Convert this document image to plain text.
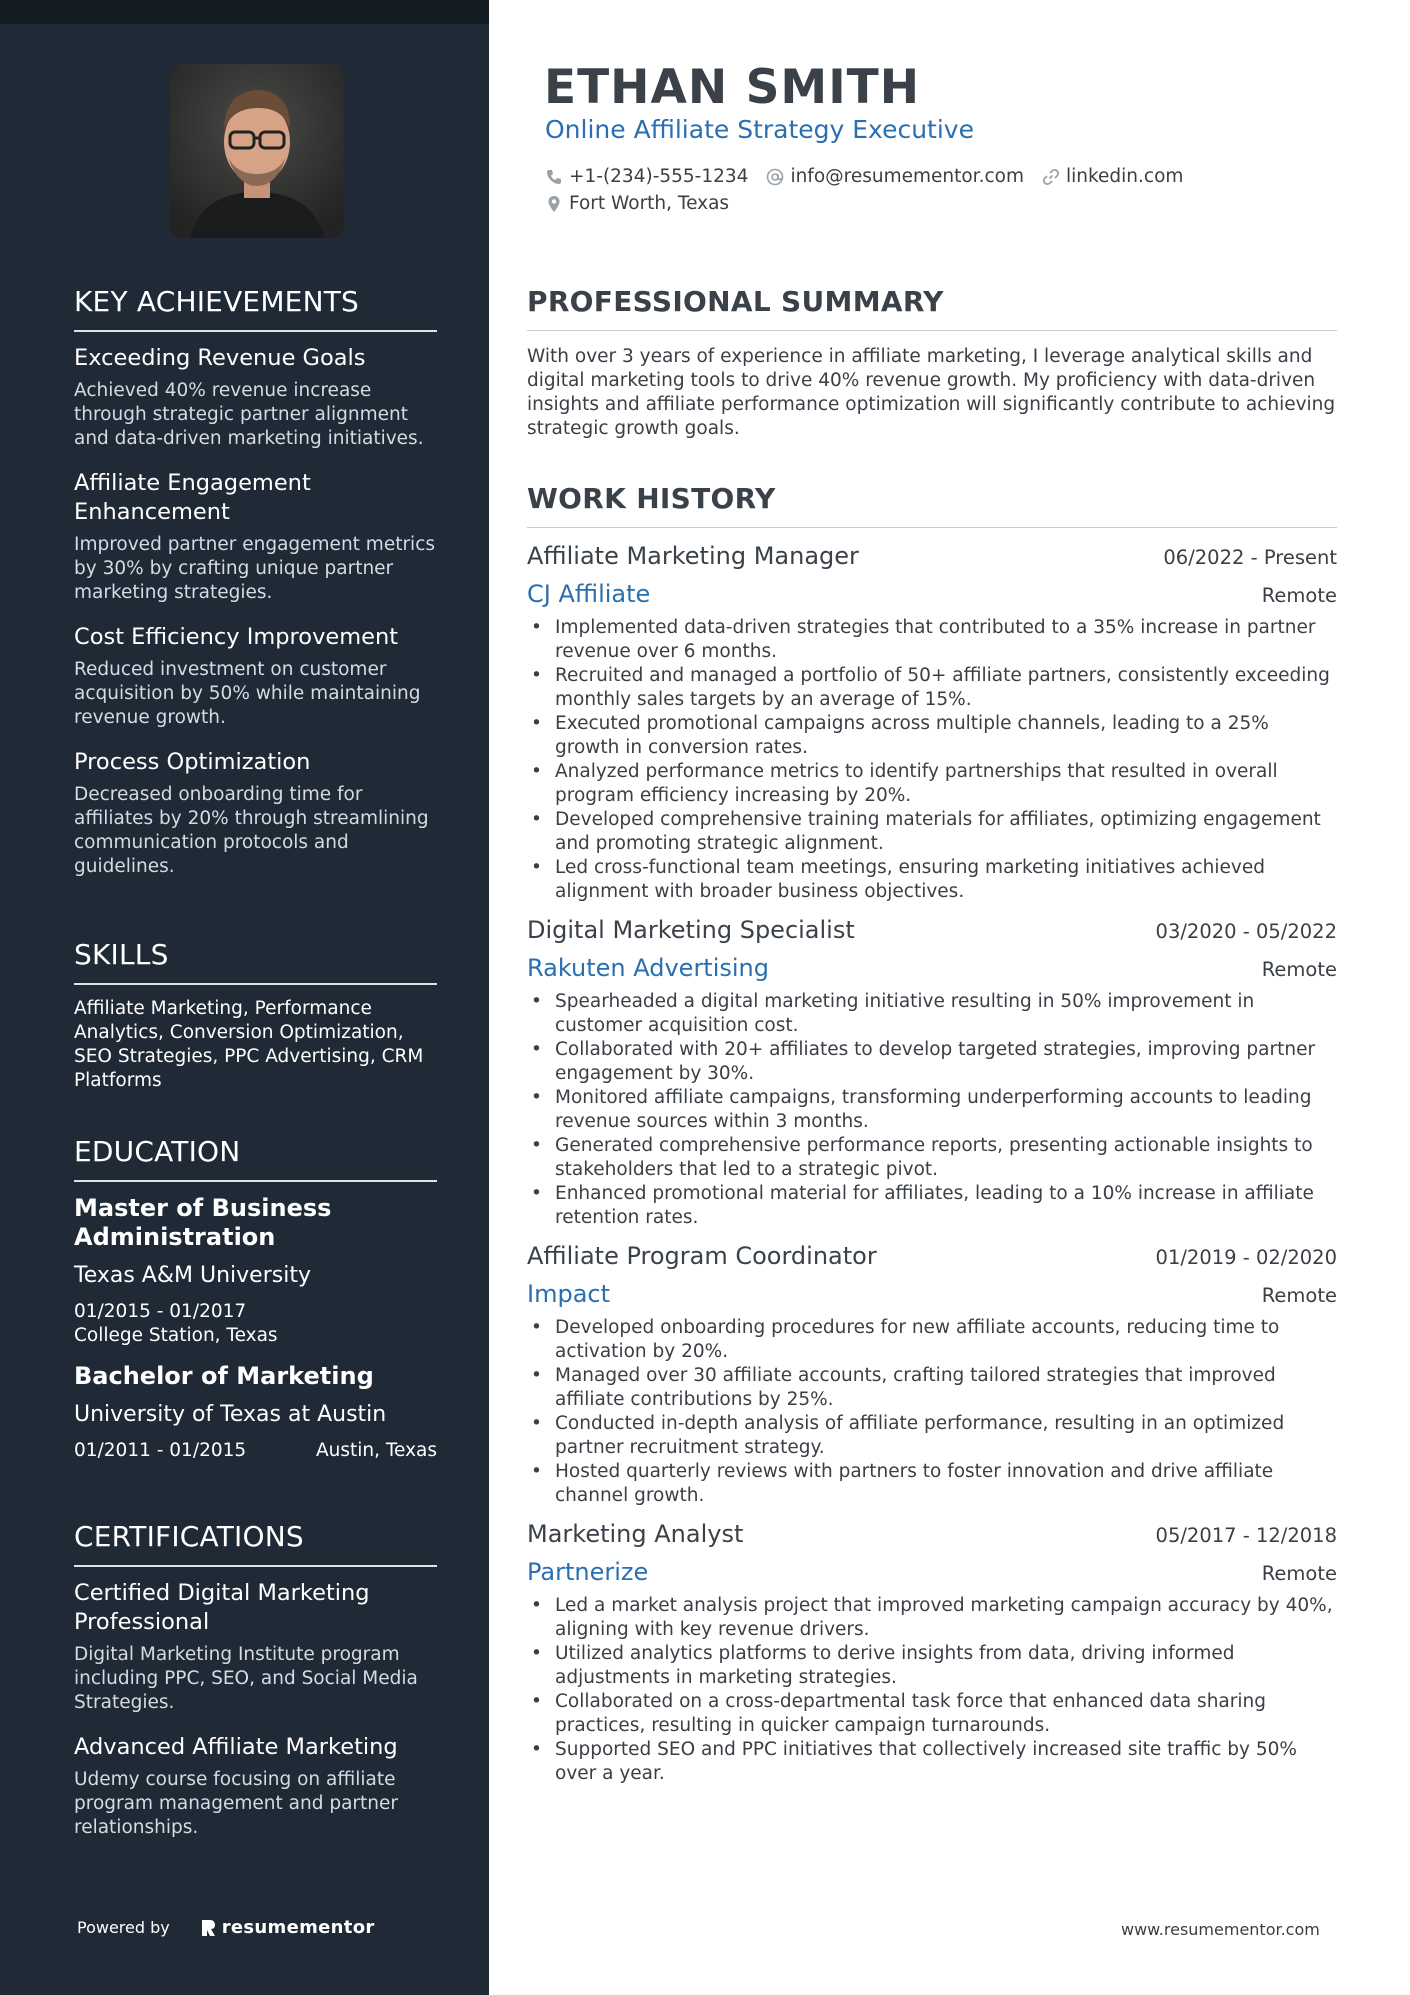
KEY ACHIEVEMENTS
Exceeding Revenue Goals
Achieved 40% revenue increase through strategic partner alignment and data-driven marketing initiatives.
Affiliate Engagement Enhancement
Improved partner engagement metrics by 30% by crafting unique partner marketing strategies.
Cost Efficiency Improvement
Reduced investment on customer acquisition by 50% while maintaining revenue growth.
Process Optimization
Decreased onboarding time for affiliates by 20% through streamlining communication protocols and guidelines.
SKILLS
Affiliate Marketing, Performance Analytics, Conversion Optimization, SEO Strategies, PPC Advertising, CRM Platforms
EDUCATION
Master of Business Administration
Texas A&M University
01/2015 - 01/2017
College Station, Texas
Bachelor of Marketing
University of Texas at Austin
01/2011 - 01/2015	Austin, Texas
CERTIFICATIONS
Certified Digital Marketing Professional
Digital Marketing Institute program including PPC, SEO, and Social Media Strategies.
Advanced Affiliate Marketing
Udemy course focusing on affiliate program management and partner relationships.
Powered by	resumementor
ETHAN SMITH
Online Affiliate Strategy Executive
+1-(234)-555-1234 info@resumementor.com linkedin.com
Fort Worth, Texas
PROFESSIONAL SUMMARY

With over 3 years of experience in affiliate marketing, I leverage analytical skills and digital marketing tools to drive 40% revenue growth. My proficiency with data-driven insights and affiliate performance optimization will significantly contribute to achieving strategic growth goals.

WORK HISTORY
Affiliate Marketing Manager	06/2022 - Present
CJ Affiliate	Remote
• Implemented data-driven strategies that contributed to a 35% increase in partner revenue over 6 months.
• Recruited and managed a portfolio of 50+ affiliate partners, consistently exceeding monthly sales targets by an average of 15%.
• Executed promotional campaigns across multiple channels, leading to a 25% growth in conversion rates.
• Analyzed performance metrics to identify partnerships that resulted in overall program efficiency increasing by 20%.
• Developed comprehensive training materials for affiliates, optimizing engagement and promoting strategic alignment.
• Led cross-functional team meetings, ensuring marketing initiatives achieved alignment with broader business objectives.
Digital Marketing Specialist	03/2020 - 05/2022
Rakuten Advertising	Remote
• Spearheaded a digital marketing initiative resulting in 50% improvement in customer acquisition cost.
• Collaborated with 20+ affiliates to develop targeted strategies, improving partner engagement by 30%.
• Monitored affiliate campaigns, transforming underperforming accounts to leading revenue sources within 3 months.
• Generated comprehensive performance reports, presenting actionable insights to stakeholders that led to a strategic pivot.
• Enhanced promotional material for affiliates, leading to a 10% increase in affiliate retention rates.
Affiliate Program Coordinator	01/2019 - 02/2020
Impact	Remote
• Developed onboarding procedures for new affiliate accounts, reducing time to activation by 20%.
• Managed over 30 affiliate accounts, crafting tailored strategies that improved affiliate contributions by 25%.
• Conducted in-depth analysis of affiliate performance, resulting in an optimized partner recruitment strategy.
• Hosted quarterly reviews with partners to foster innovation and drive affiliate channel growth.
Marketing Analyst	05/2017 - 12/2018
Partnerize	Remote
• Led a market analysis project that improved marketing campaign accuracy by 40%, aligning with key revenue drivers.
• Utilized analytics platforms to derive insights from data, driving informed adjustments in marketing strategies.
• Collaborated on a cross-departmental task force that enhanced data sharing practices, resulting in quicker campaign turnarounds.
• Supported SEO and PPC initiatives that collectively increased site traffic by 50% over a year.
www.resumementor.com
